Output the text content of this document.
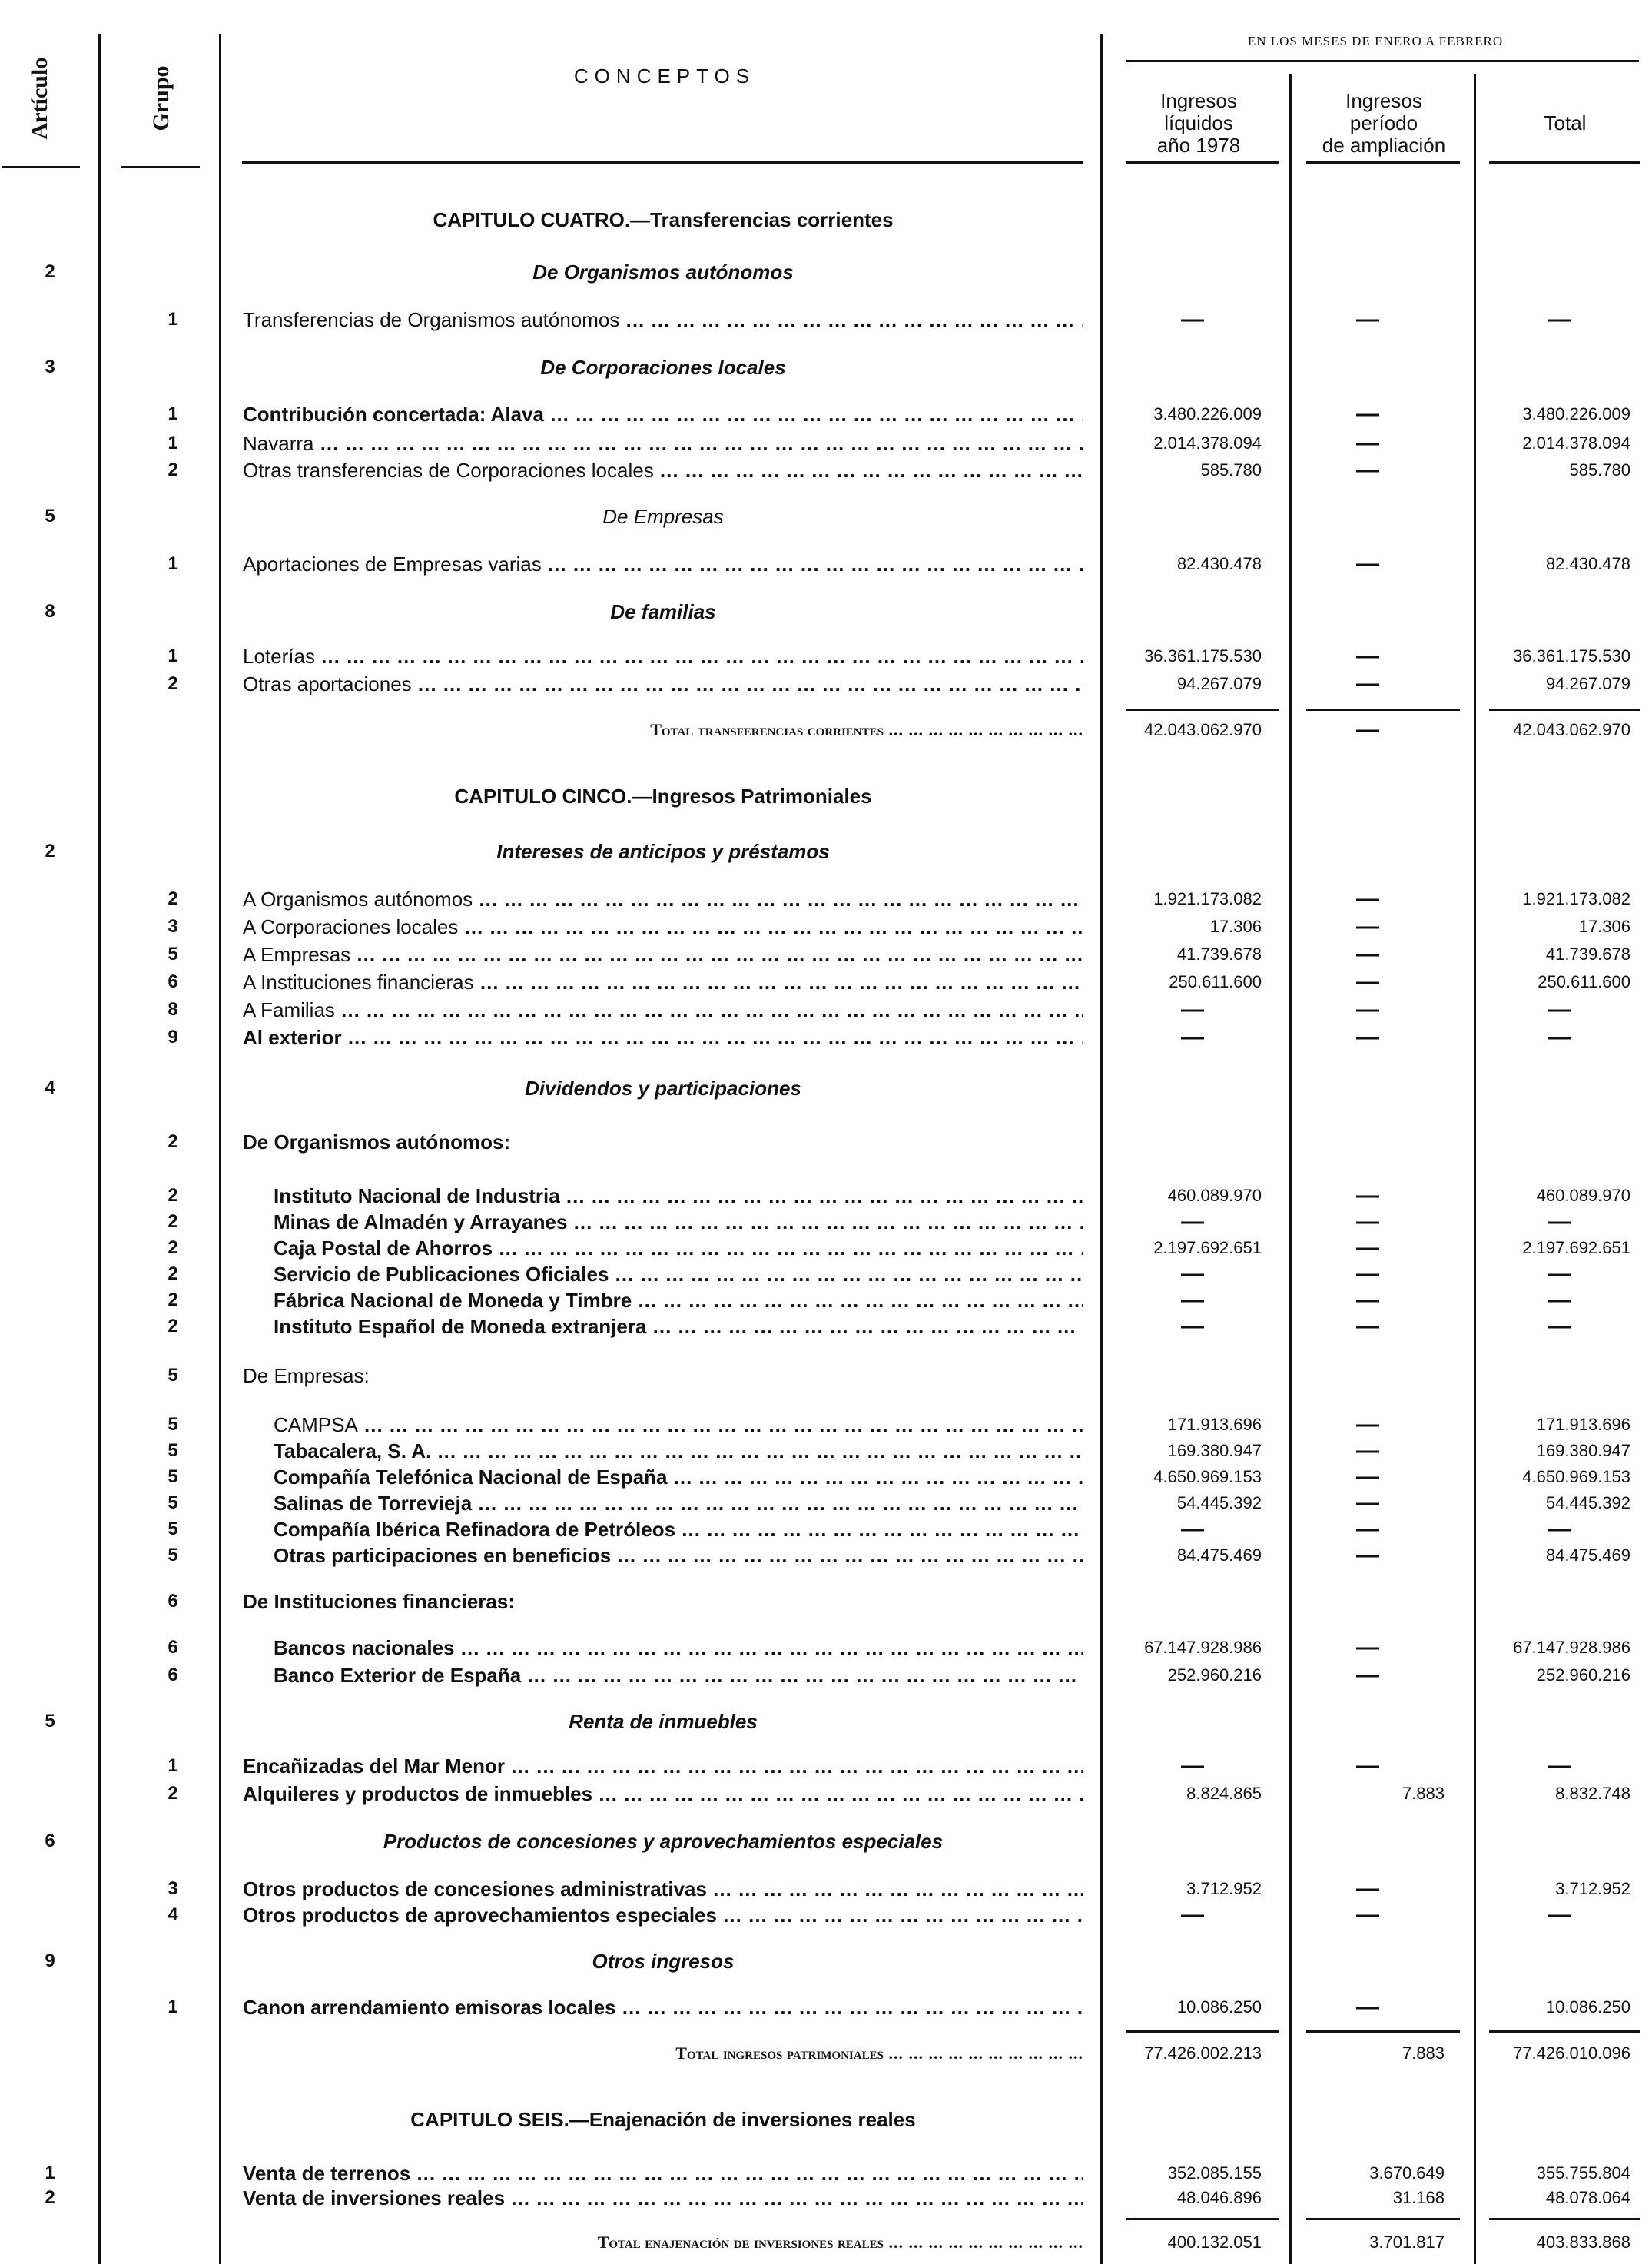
Artículo	Grupo	CONCEPTOS
EN LOS MESES DE ENERO A FEBRERO
Ingresos
líquidos
año 1978
Ingresos
período
de ampliación
Total
CAPITULO CUATRO.—Transferencias corrientes
2	De Organismos autónomos
1	Transferencias de Organismos autónomos ... .	—	—	—
3	De Corporaciones locales
1	Contribución concertada: Alava ... .	3.480.226.009	—	3.480.226.009
1	Navarra ... .	2.014.378.094	—	2.014.378.094
2	Otras transferencias de Corporaciones locales ... .	585.780	—	585.780
5	De Empresas
1	Aportaciones de Empresas varias ... .	82.430.478	—	82.430.478
8	De familias
1	Loterías ... .	36.361.175.530	—	36.361.175.530
2	Otras aportaciones ... .	94.267.079	—	94.267.079
Total transferencias corrientes ... .	42.043.062.970	—	42.043.062.970
CAPITULO CINCO.—Ingresos Patrimoniales
2	Intereses de anticipos y préstamos
2	A Organismos autónomos ... .	1.921.173.082	—	1.921.173.082
3	A Corporaciones locales ... .	17.306	—	17.306
5	A Empresas ... .	41.739.678	—	41.739.678
6	A Instituciones financieras ... .	250.611.600	—	250.611.600
8	A Familias ... .	—	—	—
9	Al exterior ... .	—	—	—
4	Dividendos y participaciones
2	De Organismos autónomos:
2	Instituto Nacional de Industria ... .	460.089.970	—	460.089.970
2	Minas de Almadén y Arrayanes ... .	—	—	—
2	Caja Postal de Ahorros ... .	2.197.692.651	—	2.197.692.651
2	Servicio de Publicaciones Oficiales ... .	—	—	—
2	Fábrica Nacional de Moneda y Timbre ... .	—	—	—
2	Instituto Español de Moneda extranjera ... .	—	—	—
5	De Empresas:
5	CAMPSA ... .	171.913.696	—	171.913.696
5	Tabacalera, S. A. ... .	169.380.947	—	169.380.947
5	Compañía Telefónica Nacional de España ... .	4.650.969.153	—	4.650.969.153
5	Salinas de Torrevieja ... .	54.445.392	—	54.445.392
5	Compañía Ibérica Refinadora de Petróleos ... .	—	—	—
5	Otras participaciones en beneficios ... .	84.475.469	—	84.475.469
6	De Instituciones financieras:
6	Bancos nacionales ... .	67.147.928.986	—	67.147.928.986
6	Banco Exterior de España ... .	252.960.216	—	252.960.216
5	Renta de inmuebles
1	Encañizadas del Mar Menor ... .	—	—	—
2	Alquileres y productos de inmuebles ... .	8.824.865	7.883	8.832.748
6	Productos de concesiones y aprovechamientos especiales
3	Otros productos de concesiones administrativas ... .	3.712.952	—	3.712.952
4	Otros productos de aprovechamientos especiales ... .	—	—	—
9	Otros ingresos
1	Canon arrendamiento emisoras locales ... .	10.086.250	—	10.086.250
Total ingresos patrimoniales ... .	77.426.002.213	7.883	77.426.010.096
CAPITULO SEIS.—Enajenación de inversiones reales
1	Venta de terrenos ... .	352.085.155	3.670.649	355.755.804
2	Venta de inversiones reales ... .	48.046.896	31.168	48.078.064
Total enajenación de inversiones reales ... .	400.132.051	3.701.817	403.833.868
